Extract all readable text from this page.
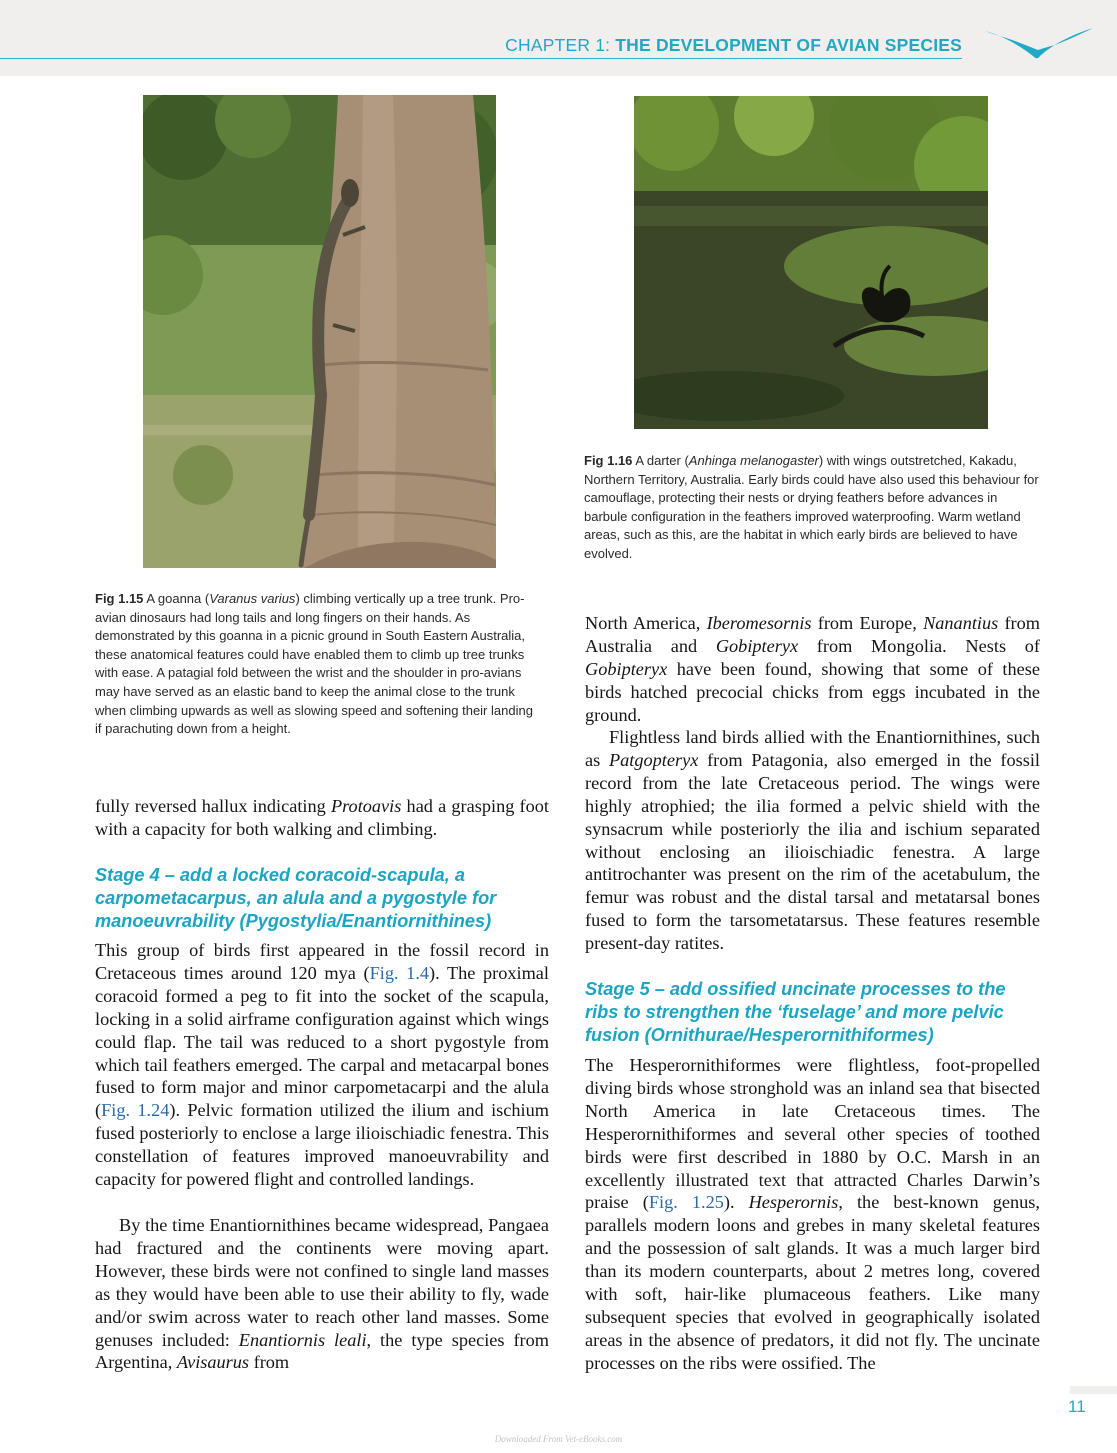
CHAPTER 1: THE DEVELOPMENT OF AVIAN SPECIES

Fig 1.16 A darter (Anhinga melanogaster) with wings outstretched, Kakadu, Northern Territory, Australia. Early birds could have also used this behaviour for camouflage, protecting their nests or drying feathers before advances in barbule configuration in the feathers improved waterproofing. Warm wetland areas, such as this, are the habitat in which early birds are believed to have evolved.

Fig 1.15 A goanna (Varanus varius) climbing vertically up a tree trunk. Pro-avian dinosaurs had long tails and long fingers on their hands. As demonstrated by this goanna in a picnic ground in South Eastern Australia, these anatomical features could have enabled them to climb up tree trunks with ease. A patagial fold between the wrist and the shoulder in pro-avians may have served as an elastic band to keep the animal close to the trunk when climbing upwards as well as slowing speed and softening their landing if parachuting down from a height.

fully reversed hallux indicating Protoavis had a grasping foot with a capacity for both walking and climbing.

Stage 4 – add a locked coracoid-scapula, a carpometacarpus, an alula and a pygostyle for manoeuvrability (Pygostylia/Enantiornithines)

This group of birds first appeared in the fossil record in Cretaceous times around 120 mya (Fig. 1.4). The proximal coracoid formed a peg to fit into the socket of the scapula, locking in a solid airframe configuration against which wings could flap. The tail was reduced to a short pygostyle from which tail feathers emerged. The carpal and metacarpal bones fused to form major and minor carpometacarpi and the alula (Fig. 1.24). Pelvic formation utilized the ilium and ischium fused posteriorly to enclose a large ilioischiadic fenestra. This constellation of features improved manoeuvrability and capacity for powered flight and controlled landings.

By the time Enantiornithines became widespread, Pangaea had fractured and the continents were moving apart. However, these birds were not confined to single land masses as they would have been able to use their ability to fly, wade and/or swim across water to reach other land masses. Some genuses included: Enantiornis leali, the type species from Argentina, Avisaurus from

North America, Iberomesornis from Europe, Nanantius from Australia and Gobipteryx from Mongolia. Nests of Gobipteryx have been found, showing that some of these birds hatched precocial chicks from eggs incubated in the ground.

Flightless land birds allied with the Enantiornithines, such as Patgopteryx from Patagonia, also emerged in the fossil record from the late Cretaceous period. The wings were highly atrophied; the ilia formed a pelvic shield with the synsacrum while posteriorly the ilia and ischium separated without enclosing an ilioischiadic fenestra. A large antitrochanter was present on the rim of the acetabulum, the femur was robust and the distal tarsal and metatarsal bones fused to form the tarsometatarsus. These features resemble present-day ratites.

Stage 5 – add ossified uncinate processes to the ribs to strengthen the ‘fuselage’ and more pelvic fusion (Ornithurae/Hesperornithiformes)

The Hesperornithiformes were flightless, foot-propelled diving birds whose stronghold was an inland sea that bisected North America in late Cretaceous times. The Hesperornithiformes and several other species of toothed birds were first described in 1880 by O.C. Marsh in an excellently illustrated text that attracted Charles Darwin’s praise (Fig. 1.25). Hesperornis, the best-known genus, parallels modern loons and grebes in many skeletal features and the possession of salt glands. It was a much larger bird than its modern counterparts, about 2 metres long, covered with soft, hair-like plumaceous feathers. Like many subsequent species that evolved in geographically isolated areas in the absence of predators, it did not fly. The uncinate processes on the ribs were ossified. The

11
Downloaded From Vet-eBooks.com
